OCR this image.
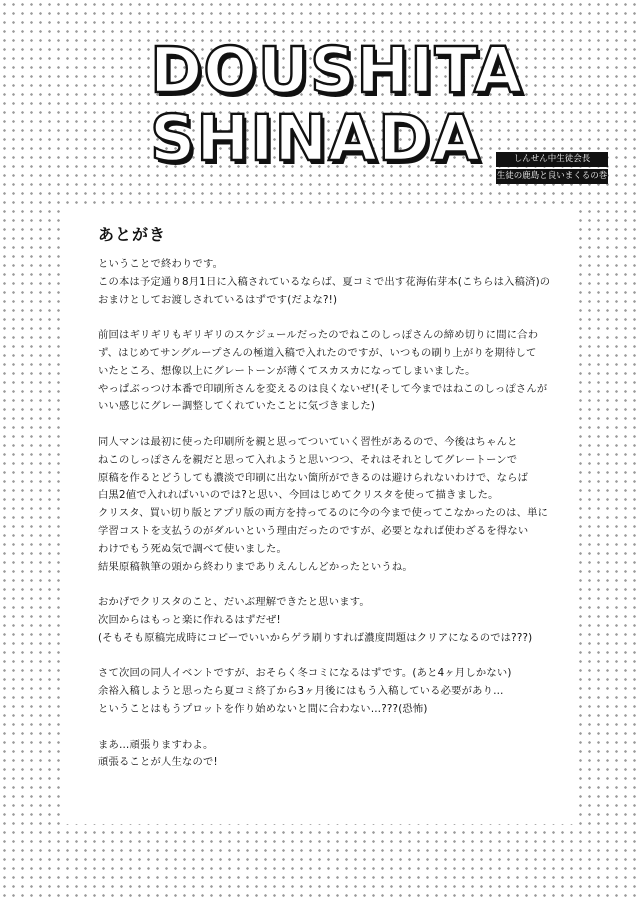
DOUSHITA
SHINADA	しんせん中生徒会長
生徒の鹿島と良いまくるの巻
あとがき
ということで終わりです。
この本は予定通り8月1日に入稿されているならば、夏コミで出す花海佑芽本(こちらは入稿済)の
おまけとしてお渡しされているはずです(だよな?!)
前回はギリギリもギリギリのスケジュールだったのでねこのしっぽさんの締め切りに間に合わ
ず、はじめてサングループさんの極道入稿で入れたのですが、いつもの刷り上がりを期待して
いたところ、想像以上にグレートーンが薄くてスカスカになってしまいました。
やっぱぶっつけ本番で印刷所さんを変えるのは良くないぜ!(そして今まではねこのしっぽさんが
いい感じにグレー調整してくれていたことに気づきました)
同人マンは最初に使った印刷所を親と思ってついていく習性があるので、今後はちゃんと
ねこのしっぽさんを親だと思って入れようと思いつつ、それはそれとしてグレートーンで
原稿を作るとどうしても濃淡で印刷に出ない箇所ができるのは避けられないわけで、ならば
白黒2値で入れればいいのでは?と思い、今回はじめてクリスタを使って描きました。
クリスタ、買い切り版とアプリ版の両方を持ってるのに今の今まで使ってこなかったのは、単に
学習コストを支払うのがダルいという理由だったのですが、必要となれば使わざるを得ない
わけでもう死ぬ気で調べて使いました。
結果原稿執筆の頭から終わりまでありえんしんどかったというね。
おかげでクリスタのこと、だいぶ理解できたと思います。
次回からはもっと楽に作れるはずだぜ!
(そもそも原稿完成時にコピーでいいからゲラ刷りすれば濃度問題はクリアになるのでは???)
さて次回の同人イベントですが、おそらく冬コミになるはずです。(あと4ヶ月しかない)
余裕入稿しようと思ったら夏コミ終了から3ヶ月後にはもう入稿している必要があり…
ということはもうプロットを作り始めないと間に合わない…???(恐怖)
まあ…頑張りますわよ。
頑張ることが人生なので!
